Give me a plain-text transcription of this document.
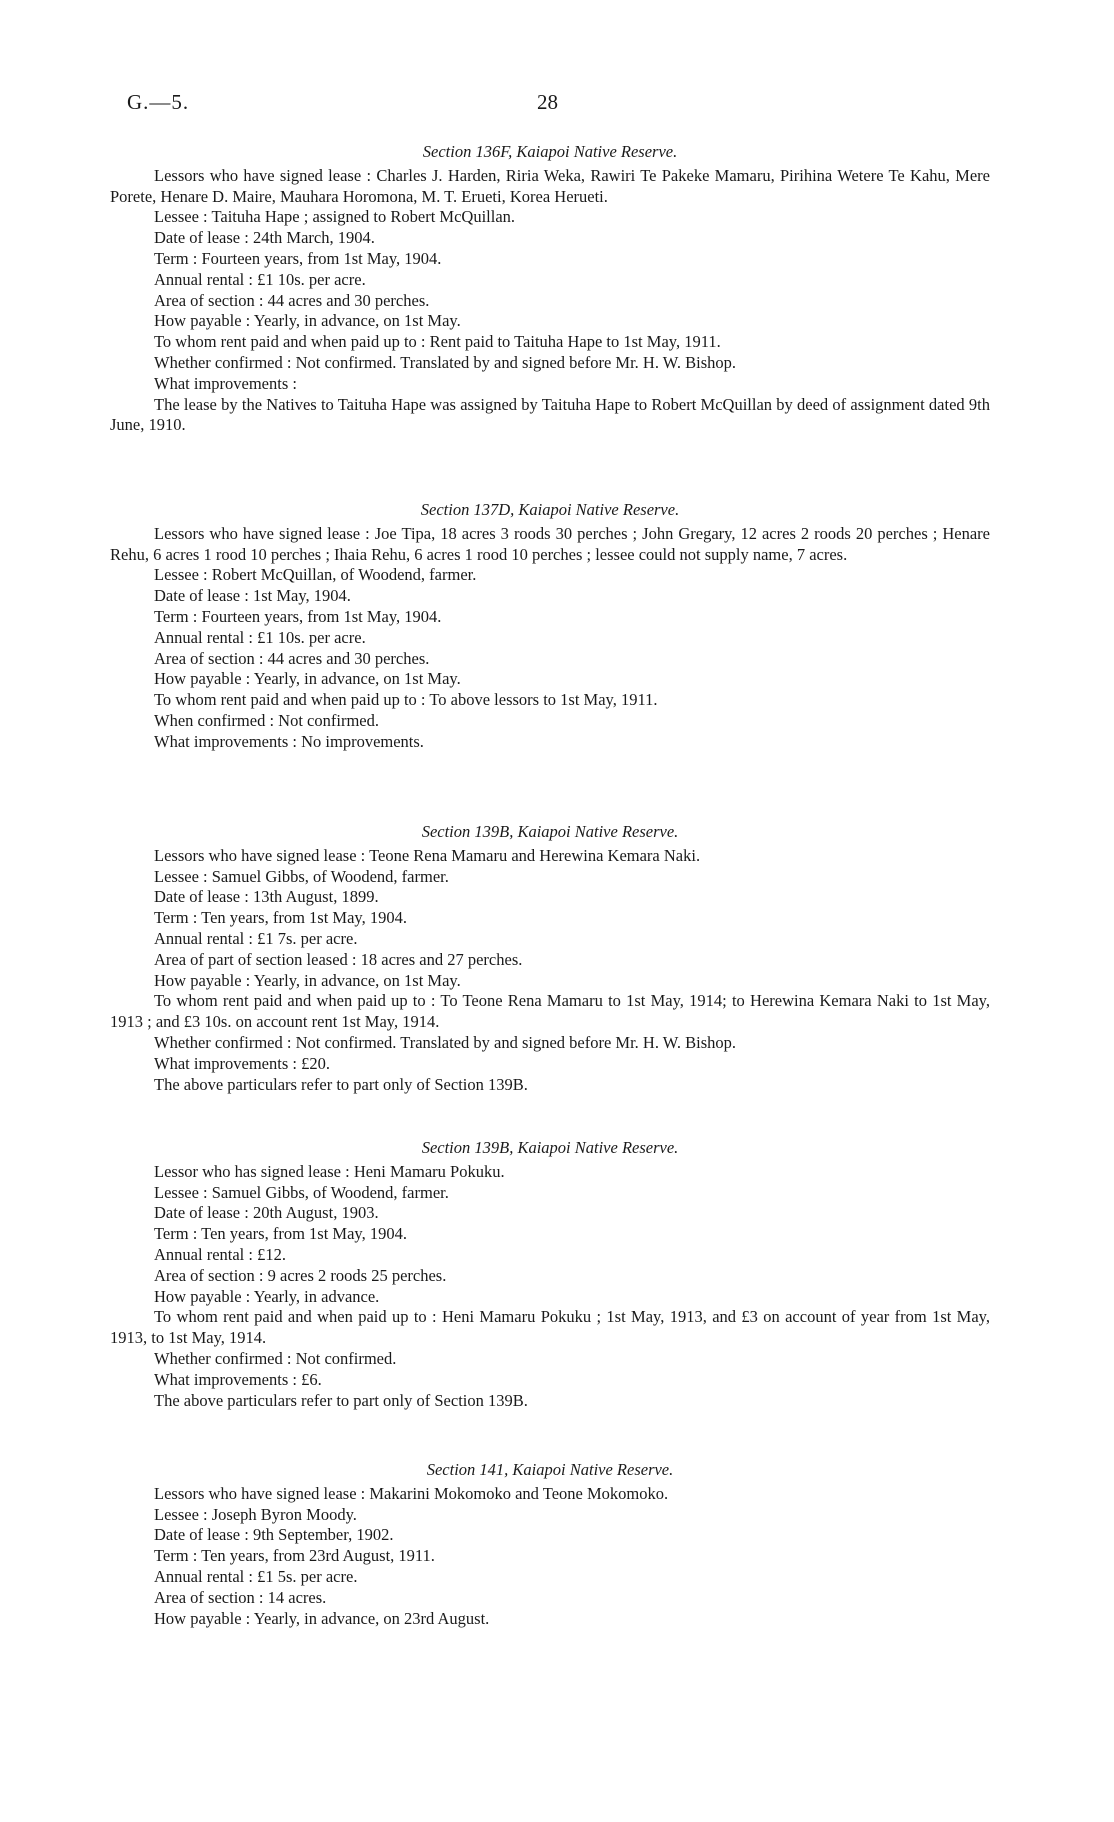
G.—5.	28

Section 136F, Kaiapoi Native Reserve.

Lessors who have signed lease : Charles J. Harden, Riria Weka, Rawiri Te Pakeke Mamaru, Pirihina Wetere Te Kahu, Mere Porete, Henare D. Maire, Mauhara Horomona, M. T. Erueti, Korea Herueti.

Lessee : Taituha Hape ; assigned to Robert McQuillan.

Date of lease : 24th March, 1904.

Term : Fourteen years, from 1st May, 1904.

Annual rental : £1 10s. per acre.

Area of section : 44 acres and 30 perches.

How payable : Yearly, in advance, on 1st May.

To whom rent paid and when paid up to : Rent paid to Taituha Hape to 1st May, 1911.

Whether confirmed : Not confirmed. Translated by and signed before Mr. H. W. Bishop.

What improvements :

The lease by the Natives to Taituha Hape was assigned by Taituha Hape to Robert McQuillan by deed of assignment dated 9th June, 1910.

Section 137D, Kaiapoi Native Reserve.

Lessors who have signed lease : Joe Tipa, 18 acres 3 roods 30 perches ; John Gregary, 12 acres 2 roods 20 perches ; Henare Rehu, 6 acres 1 rood 10 perches ; Ihaia Rehu, 6 acres 1 rood 10 perches ; lessee could not supply name, 7 acres.

Lessee : Robert McQuillan, of Woodend, farmer.

Date of lease : 1st May, 1904.

Term : Fourteen years, from 1st May, 1904.

Annual rental : £1 10s. per acre.

Area of section : 44 acres and 30 perches.

How payable : Yearly, in advance, on 1st May.

To whom rent paid and when paid up to : To above lessors to 1st May, 1911.

When confirmed : Not confirmed.

What improvements : No improvements.

Section 139B, Kaiapoi Native Reserve.

Lessors who have signed lease : Teone Rena Mamaru and Herewina Kemara Naki.

Lessee : Samuel Gibbs, of Woodend, farmer.

Date of lease : 13th August, 1899.

Term : Ten years, from 1st May, 1904.

Annual rental : £1 7s. per acre.

Area of part of section leased : 18 acres and 27 perches.

How payable : Yearly, in advance, on 1st May.

To whom rent paid and when paid up to : To Teone Rena Mamaru to 1st May, 1914; to Herewina Kemara Naki to 1st May, 1913 ; and £3 10s. on account rent 1st May, 1914.

Whether confirmed : Not confirmed. Translated by and signed before Mr. H. W. Bishop.

What improvements : £20.

The above particulars refer to part only of Section 139B.

Section 139B, Kaiapoi Native Reserve.

Lessor who has signed lease : Heni Mamaru Pokuku.

Lessee : Samuel Gibbs, of Woodend, farmer.

Date of lease : 20th August, 1903.

Term : Ten years, from 1st May, 1904.

Annual rental : £12.

Area of section : 9 acres 2 roods 25 perches.

How payable : Yearly, in advance.

To whom rent paid and when paid up to : Heni Mamaru Pokuku ; 1st May, 1913, and £3 on account of year from 1st May, 1913, to 1st May, 1914.

Whether confirmed : Not confirmed.

What improvements : £6.

The above particulars refer to part only of Section 139B.

Section 141, Kaiapoi Native Reserve.

Lessors who have signed lease : Makarini Mokomoko and Teone Mokomoko.

Lessee : Joseph Byron Moody.

Date of lease : 9th September, 1902.

Term : Ten years, from 23rd August, 1911.

Annual rental : £1 5s. per acre.

Area of section : 14 acres.

How payable : Yearly, in advance, on 23rd August.
